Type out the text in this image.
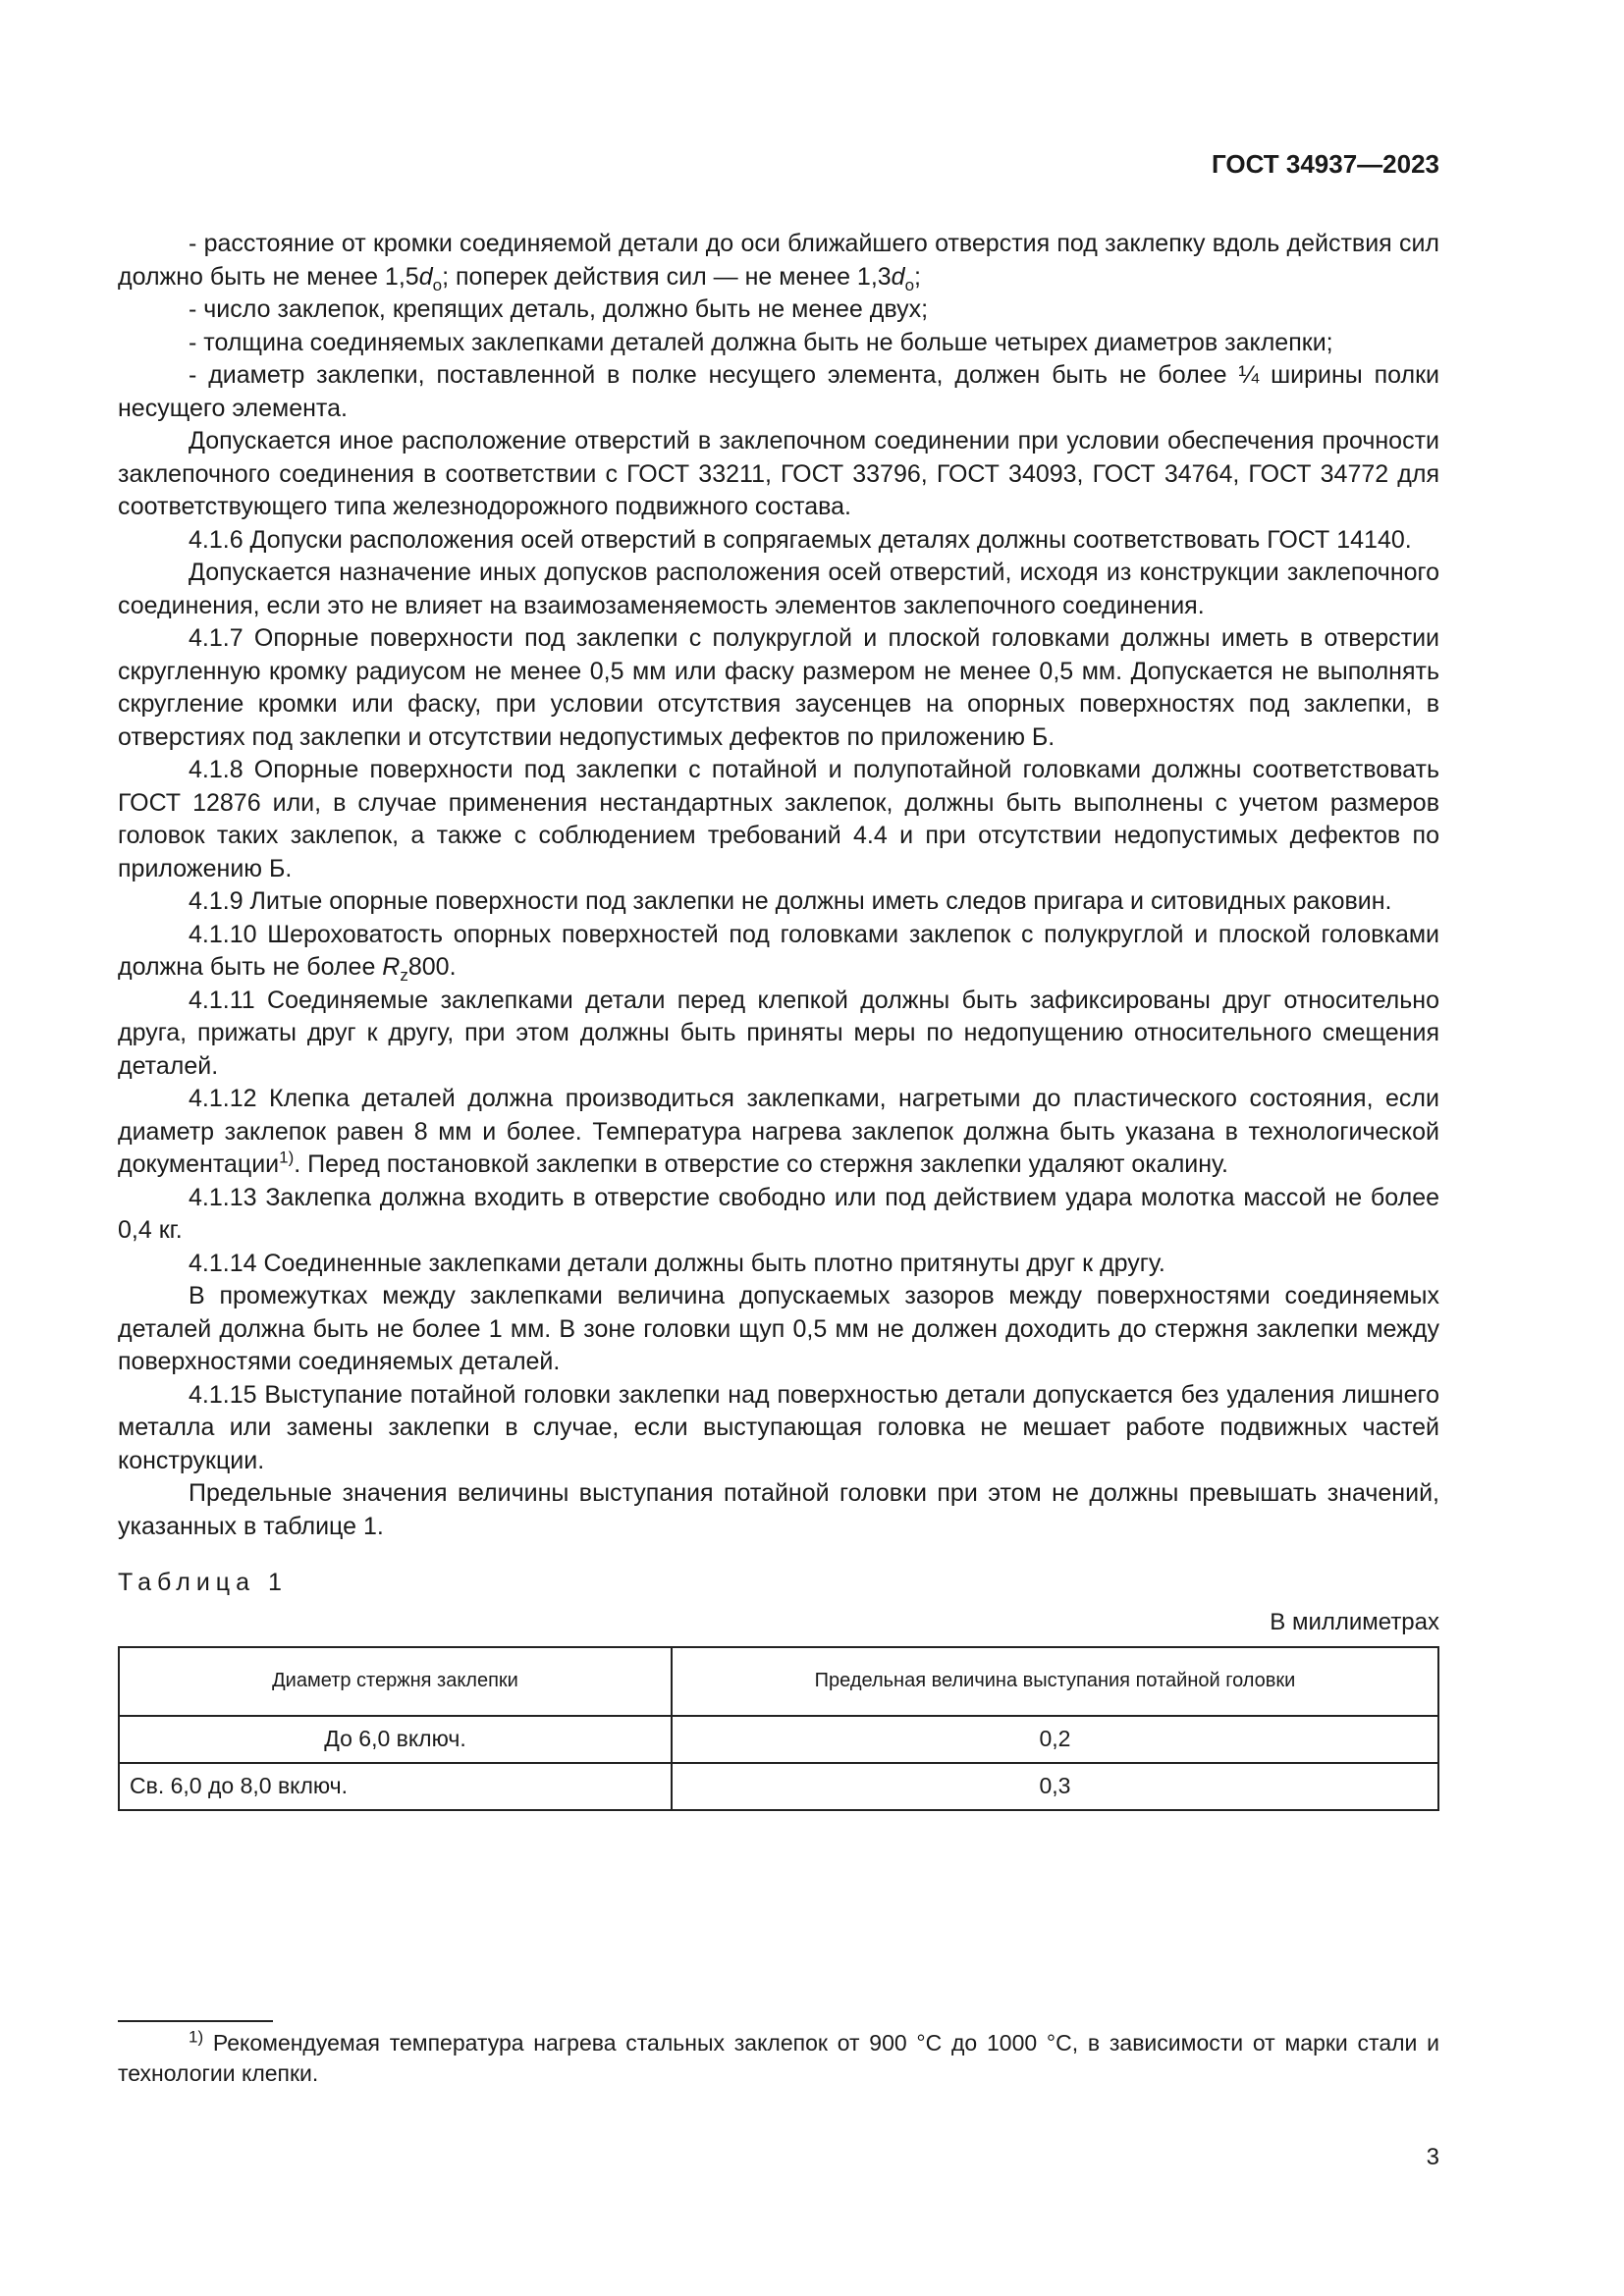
ГОСТ 34937—2023

- расстояние от кромки соединяемой детали до оси ближайшего отверстия под заклепку вдоль действия сил должно быть не менее $1,5d_o$; поперек действия сил — не менее $1,3d_o$;

- число заклепок, крепящих деталь, должно быть не менее двух;

- толщина соединяемых заклепками деталей должна быть не больше четырех диаметров заклепки;

- диаметр заклепки, поставленной в полке несущего элемента, должен быть не более ¼ ширины полки несущего элемента.

Допускается иное расположение отверстий в заклепочном соединении при условии обеспечения прочности заклепочного соединения в соответствии с ГОСТ 33211, ГОСТ 33796, ГОСТ 34093, ГОСТ 34764, ГОСТ 34772 для соответствующего типа железнодорожного подвижного состава.

4.1.6 Допуски расположения осей отверстий в сопрягаемых деталях должны соответствовать ГОСТ 14140.

Допускается назначение иных допусков расположения осей отверстий, исходя из конструкции заклепочного соединения, если это не влияет на взаимозаменяемость элементов заклепочного соединения.

4.1.7 Опорные поверхности под заклепки с полукруглой и плоской головками должны иметь в отверстии скругленную кромку радиусом не менее 0,5 мм или фаску размером не менее 0,5 мм. Допускается не выполнять скругление кромки или фаску, при условии отсутствия заусенцев на опорных поверхностях под заклепки, в отверстиях под заклепки и отсутствии недопустимых дефектов по приложению Б.

4.1.8 Опорные поверхности под заклепки с потайной и полупотайной головками должны соответствовать ГОСТ 12876 или, в случае применения нестандартных заклепок, должны быть выполнены с учетом размеров головок таких заклепок, а также с соблюдением требований 4.4 и при отсутствии недопустимых дефектов по приложению Б.

4.1.9 Литые опорные поверхности под заклепки не должны иметь следов пригара и ситовидных раковин.

4.1.10 Шероховатость опорных поверхностей под головками заклепок с полукруглой и плоской головками должна быть не более $R_z800$.

4.1.11 Соединяемые заклепками детали перед клепкой должны быть зафиксированы друг относительно друга, прижаты друг к другу, при этом должны быть приняты меры по недопущению относительного смещения деталей.

4.1.12 Клепка деталей должна производиться заклепками, нагретыми до пластического состояния, если диаметр заклепок равен 8 мм и более. Температура нагрева заклепок должна быть указана в технологической документации$^{1)}$. Перед постановкой заклепки в отверстие со стержня заклепки удаляют окалину.

4.1.13 Заклепка должна входить в отверстие свободно или под действием удара молотка массой не более 0,4 кг.

4.1.14 Соединенные заклепками детали должны быть плотно притянуты друг к другу.

В промежутках между заклепками величина допускаемых зазоров между поверхностями соединяемых деталей должна быть не более 1 мм. В зоне головки щуп 0,5 мм не должен доходить до стержня заклепки между поверхностями соединяемых деталей.

4.1.15 Выступание потайной головки заклепки над поверхностью детали допускается без удаления лишнего металла или замены заклепки в случае, если выступающая головка не мешает работе подвижных частей конструкции.

Предельные значения величины выступания потайной головки при этом не должны превышать значений, указанных в таблице 1.

Таблица 1
В миллиметрах
Диаметр стержня заклепки	Предельная величина выступания потайной головки
До 6,0 включ.	0,2
Св. 6,0 до 8,0 включ.	0,3
$^{1)}$ Рекомендуемая температура нагрева стальных заклепок от 900 °С до 1000 °С, в зависимости от марки стали и технологии клепки.
3
